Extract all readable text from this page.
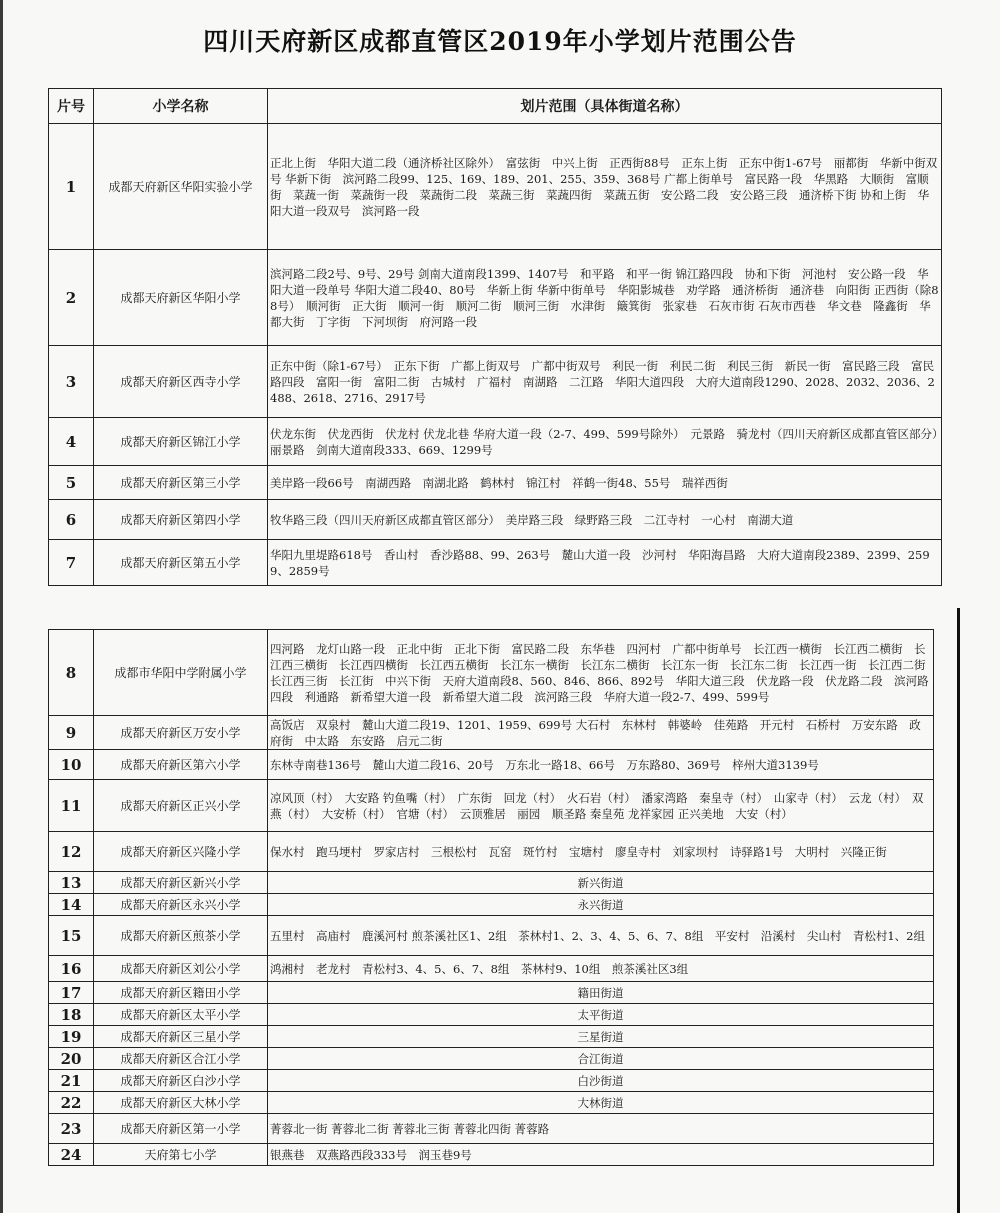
四川天府新区成都直管区2019年小学划片范围公告
片号	小学名称	划片范围（具体街道名称）
1	成都天府新区华阳实验小学	正北上街　华阳大道二段（通济桥社区除外）　富弦街　中兴上街　正西街88号　正东上街　正东中街1-67号　丽都街　华新中街双号 华新下街　滨河路二段99、125、169、189、201、255、359、368号 广都上街单号　富民路一段　华黑路　大顺街　富顺街　菜蔬一街　菜蔬街一段　菜蔬街二段　菜蔬三街　菜蔬四街　菜蔬五街　安公路二段　安公路三段　通济桥下街 协和上街　华阳大道一段双号　滨河路一段
2	成都天府新区华阳小学	滨河路二段2号、9号、29号 剑南大道南段1399、1407号　和平路　和平一街 锦江路四段　协和下街　河池村　安公路一段　华阳大道一段单号 华阳大道二段40、80号　华新上街 华新中街单号　华阳影城巷　劝学路　通济桥街　通济巷　向阳街 正西街（除88号）　顺河街　正大街　顺河一街　顺河二街　顺河三街　水津街　簸箕街　张家巷　石灰市街 石灰市西巷　华文巷　隆鑫街　华都大街　丁字街　下河坝街　府河路一段
3	成都天府新区西寺小学	正东中街（除1-67号）　正东下街　广都上街双号　广都中街双号　利民一街　利民二街　利民三街　新民一街　富民路三段　富民路四段　富阳一街　富阳二街　古城村　广福村　南湖路　二江路　华阳大道四段　大府大道南段1290、2028、2032、2036、2488、2618、2716、2917号
4	成都天府新区锦江小学	伏龙东街　伏龙西街　伏龙村 伏龙北巷 华府大道一段（2-7、499、599号除外）　元景路　骑龙村（四川天府新区成都直管区部分）　丽景路　剑南大道南段333、669、1299号
5	成都天府新区第三小学	美岸路一段66号　南湖西路　南湖北路　鹤林村　锦江村　祥鹤一街48、55号　瑞祥西街
6	成都天府新区第四小学	牧华路三段（四川天府新区成都直管区部分）　美岸路三段　绿野路三段　二江寺村　一心村　南湖大道
7	成都天府新区第五小学	华阳九里堤路618号　香山村　香沙路88、99、263号　麓山大道一段　沙河村　华阳海昌路　大府大道南段2389、2399、2599、2859号
8	成都市华阳中学附属小学	四河路　龙灯山路一段　正北中街　正北下街　富民路二段　东华巷　四河村　广都中街单号　长江西一横街　长江西二横街　长江西三横街　长江西四横街　长江西五横街　长江东一横街　长江东二横街　长江东一街　长江东二街　长江西一街　长江西二街　长江西三街　长江街　中兴下街　天府大道南段8、560、846、866、892号　华阳大道三段　伏龙路一段　伏龙路二段　滨河路四段　利通路　新希望大道一段　新希望大道二段　滨河路三段　华府大道一段2-7、499、599号
9	成都天府新区万安小学	高饭店　双泉村　麓山大道二段19、1201、1959、699号 大石村　东林村　韩婆岭　佳苑路　开元村　石桥村　万安东路　政府街　中太路　东安路　启元二街
10	成都天府新区第六小学	东林寺南巷136号　麓山大道二段16、20号　万东北一路18、66号　万东路80、369号　梓州大道3139号
11	成都天府新区正兴小学	凉风顶（村）　大安路 钓鱼嘴（村）　广东街　回龙（村）　火石岩（村）　潘家湾路　秦皇寺（村）　山家寺（村）　云龙（村）　双燕（村）　大安桥（村）　官塘（村）　云顶雅居　丽园　顺圣路 秦皇苑 龙祥家园 正兴美地　大安（村）
12	成都天府新区兴隆小学	保水村　跑马埂村　罗家店村　三根松村　瓦窑　斑竹村　宝塘村　廖皇寺村　刘家坝村　诗驿路1号　大明村　兴隆正街
13	成都天府新区新兴小学	新兴街道
14	成都天府新区永兴小学	永兴街道
15	成都天府新区煎茶小学	五里村　高庙村　鹿溪河村 煎茶溪社区1、2组　茶林村1、2、3、4、5、6、7、8组　平安村　沿溪村　尖山村　青松村1、2组
16	成都天府新区刘公小学	鸿湘村　老龙村　青松村3、4、5、6、7、8组　茶林村9、10组　煎茶溪社区3组
17	成都天府新区籍田小学	籍田街道
18	成都天府新区太平小学	太平街道
19	成都天府新区三星小学	三星街道
20	成都天府新区合江小学	合江街道
21	成都天府新区白沙小学	白沙街道
22	成都天府新区大林小学	大林街道
23	成都天府新区第一小学	菁蓉北一街 菁蓉北二街 菁蓉北三街 菁蓉北四街 菁蓉路
24	天府第七小学	银燕巷　双燕路西段333号　润玉巷9号
